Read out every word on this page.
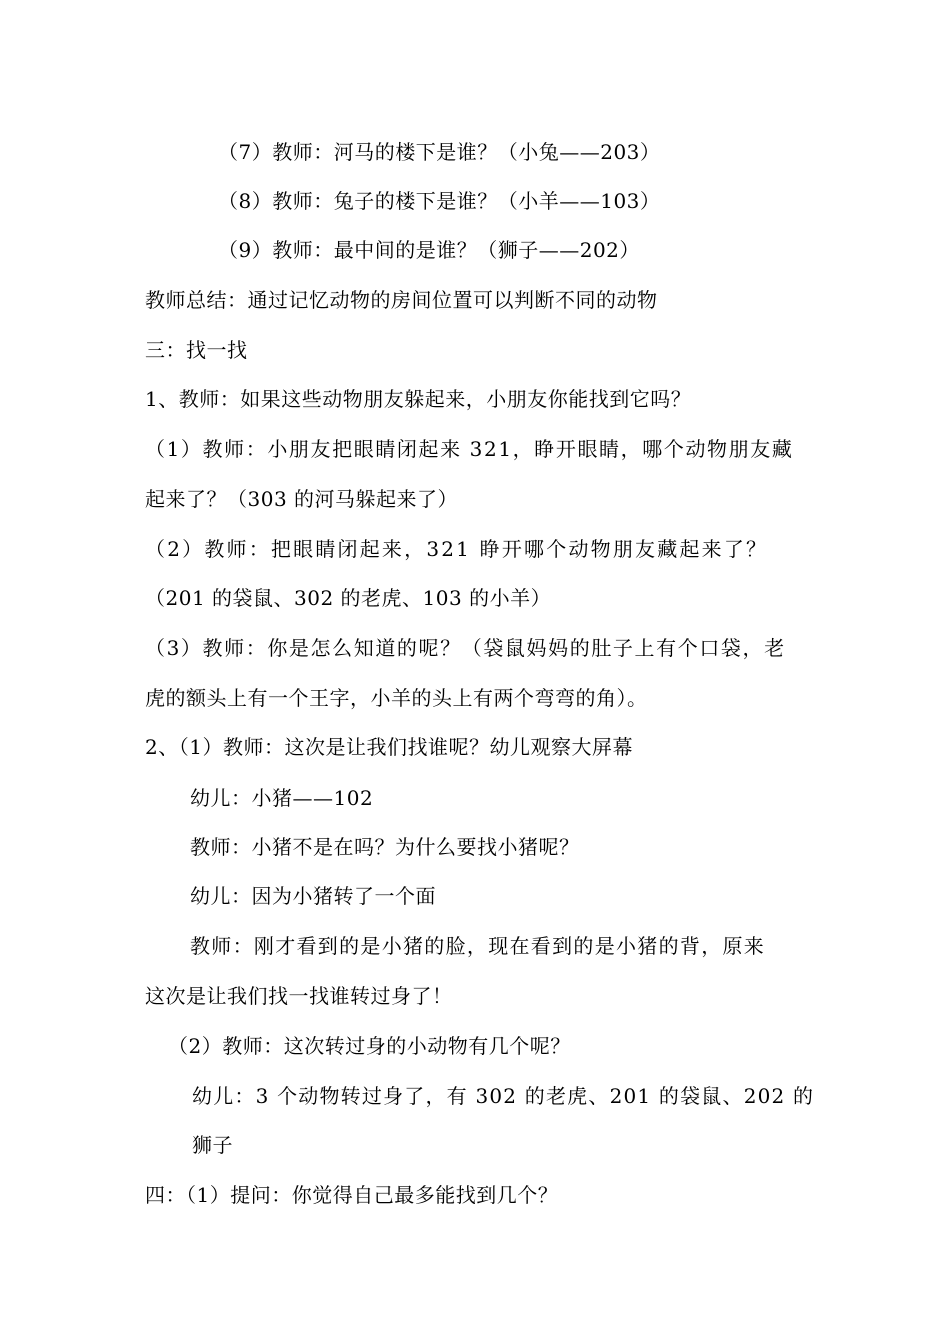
（7）教师：河马的楼下是谁？（小兔——203）
（8）教师：兔子的楼下是谁？（小羊——103）
（9）教师：最中间的是谁？（狮子——202）
教师总结：通过记忆动物的房间位置可以判断不同的动物
三：找一找
1、教师：如果这些动物朋友躲起来，小朋友你能找到它吗？
（1）教师：小朋友把眼睛闭起来 321，睁开眼睛，哪个动物朋友藏
起来了？（303 的河马躲起来了）
（2）教师：把眼睛闭起来，321 睁开哪个动物朋友藏起来了？
（201 的袋鼠、302 的老虎、103 的小羊）
（3）教师：你是怎么知道的呢？（袋鼠妈妈的肚子上有个口袋，老
虎的额头上有一个王字，小羊的头上有两个弯弯的角）。
2、（1）教师：这次是让我们找谁呢？幼儿观察大屏幕
幼儿：小猪——102
教师：小猪不是在吗？为什么要找小猪呢？
幼儿：因为小猪转了一个面
教师：刚才看到的是小猪的脸，现在看到的是小猪的背，原来
这次是让我们找一找谁转过身了！
（2）教师：这次转过身的小动物有几个呢？
幼儿：3 个动物转过身了，有 302 的老虎、201 的袋鼠、202 的
狮子
四：（1）提问：你觉得自己最多能找到几个？
